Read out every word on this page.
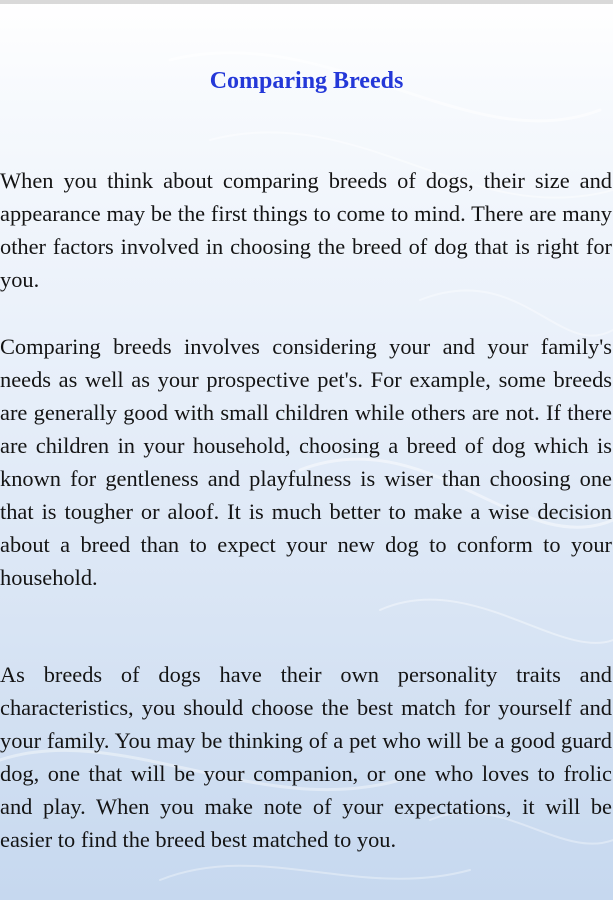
Comparing Breeds

When you think about comparing breeds of dogs, their size and appearance may be the first things to come to mind. There are many other factors involved in choosing the breed of dog that is right for you.

Comparing breeds involves considering your and your family's needs as well as your prospective pet's. For example, some breeds are generally good with small children while others are not. If there are children in your household, choosing a breed of dog which is known for gentleness and playfulness is wiser than choosing one that is tougher or aloof. It is much better to make a wise decision about a breed than to expect your new dog to conform to your household.

As breeds of dogs have their own personality traits and characteristics, you should choose the best match for yourself and your family. You may be thinking of a pet who will be a good guard dog, one that will be your companion, or one who loves to frolic and play. When you make note of your expectations, it will be easier to find the breed best matched to you.
